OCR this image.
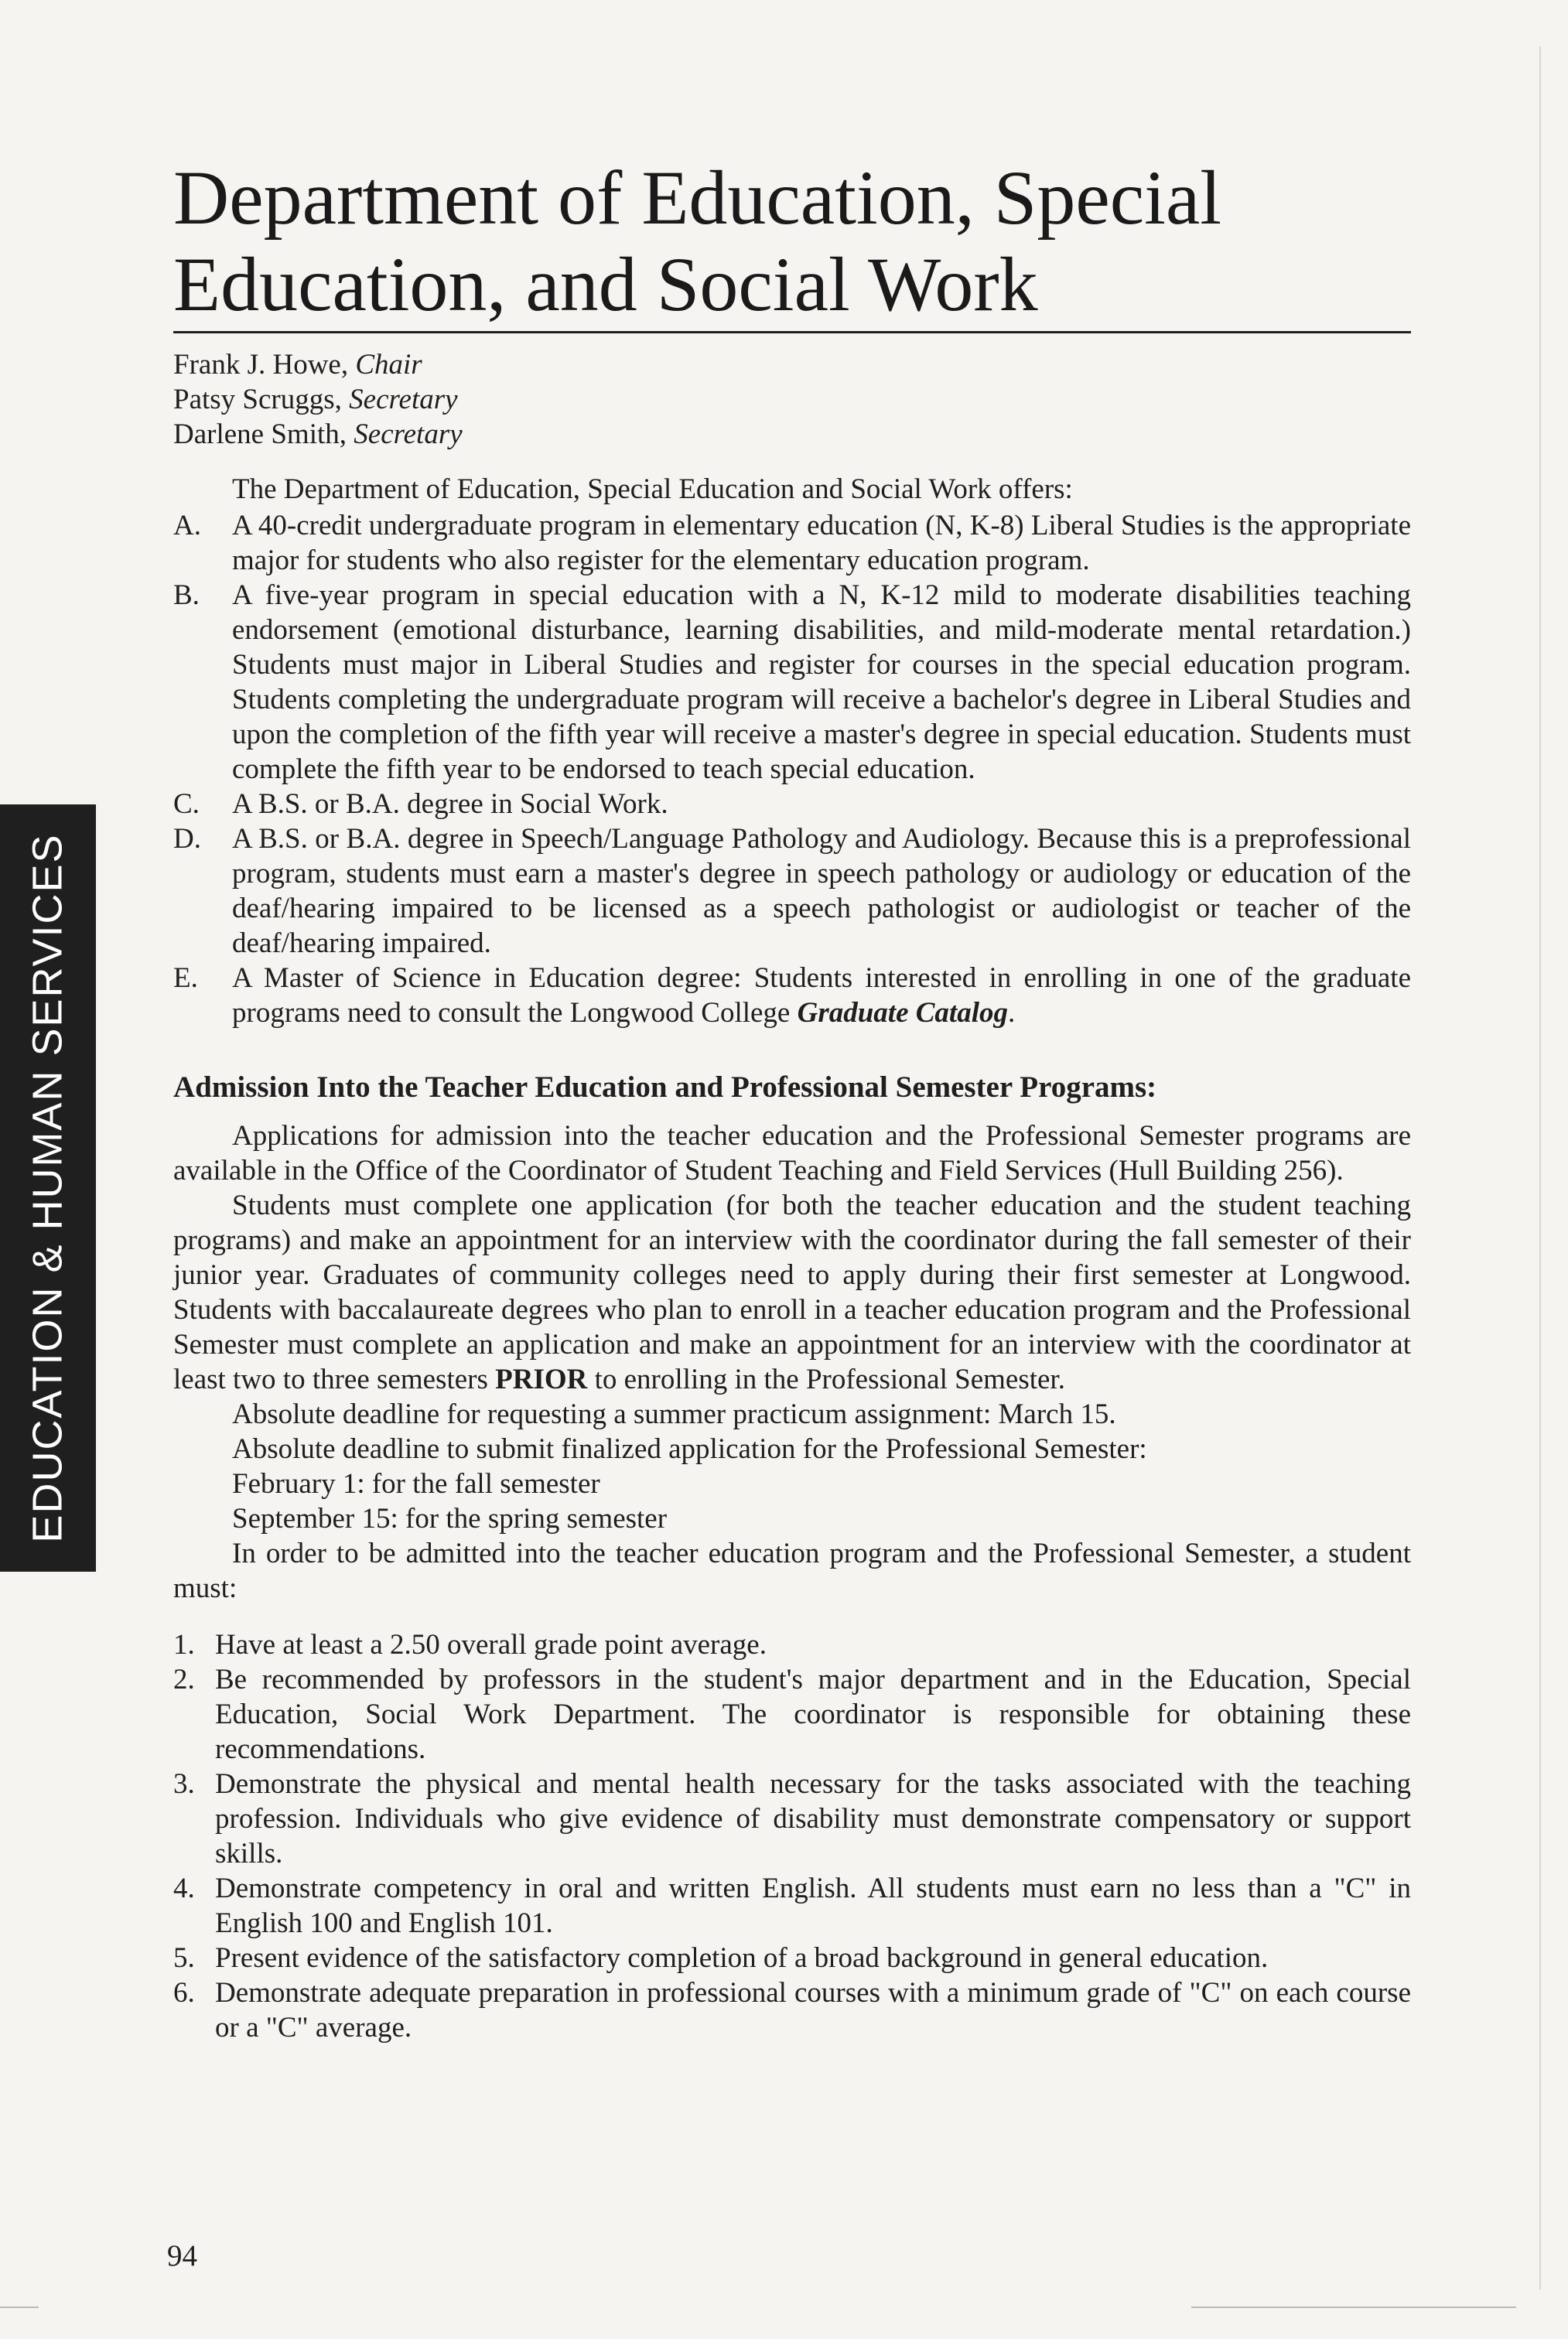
EDUCATION & HUMAN SERVICES
Department of Education, Special
Education, and Social Work
Frank J. Howe, Chair
Patsy Scruggs, Secretary
Darlene Smith, Secretary
The Department of Education, Special Education and Social Work offers:
A.	A 40-credit undergraduate program in elementary education (N, K-8) Liberal Studies is the appropriate major for students who also register for the elementary education program.
B.	A five-year program in special education with a N, K-12 mild to moderate disabilities teaching endorsement (emotional disturbance, learning disabilities, and mild-moderate mental retardation.) Students must major in Liberal Studies and register for courses in the special education program. Students completing the undergraduate program will receive a bachelor's degree in Liberal Studies and upon the completion of the fifth year will receive a master's degree in special education. Students must complete the fifth year to be endorsed to teach special education.
C.	A B.S. or B.A. degree in Social Work.
D.	A B.S. or B.A. degree in Speech/Language Pathology and Audiology. Because this is a preprofessional program, students must earn a master's degree in speech pathology or audiology or education of the deaf/hearing impaired to be licensed as a speech pathologist or audiologist or teacher of the deaf/hearing impaired.
E.	A Master of Science in Education degree: Students interested in enrolling in one of the graduate programs need to consult the Longwood College Graduate Catalog.
Admission Into the Teacher Education and Professional Semester Programs:
Applications for admission into the teacher education and the Professional Semester programs are available in the Office of the Coordinator of Student Teaching and Field Services (Hull Building 256).
Students must complete one application (for both the teacher education and the student teaching programs) and make an appointment for an interview with the coordinator during the fall semester of their junior year. Graduates of community colleges need to apply during their first semester at Longwood. Students with baccalaureate degrees who plan to enroll in a teacher education program and the Professional Semester must complete an application and make an appointment for an interview with the coordinator at least two to three semesters PRIOR to enrolling in the Professional Semester.
Absolute deadline for requesting a summer practicum assignment: March 15.
Absolute deadline to submit finalized application for the Professional Semester:
February 1: for the fall semester
September 15: for the spring semester
In order to be admitted into the teacher education program and the Professional Semester, a student must:
1. Have at least a 2.50 overall grade point average.
2. Be recommended by professors in the student's major department and in the Education, Special Education, Social Work Department. The coordinator is responsible for obtaining these recommendations.
3. Demonstrate the physical and mental health necessary for the tasks associated with the teaching profession. Individuals who give evidence of disability must demonstrate compensatory or support skills.
4. Demonstrate competency in oral and written English. All students must earn no less than a "C" in English 100 and English 101.
5. Present evidence of the satisfactory completion of a broad background in general education.
6. Demonstrate adequate preparation in professional courses with a minimum grade of "C" on each course or a "C" average.
94
